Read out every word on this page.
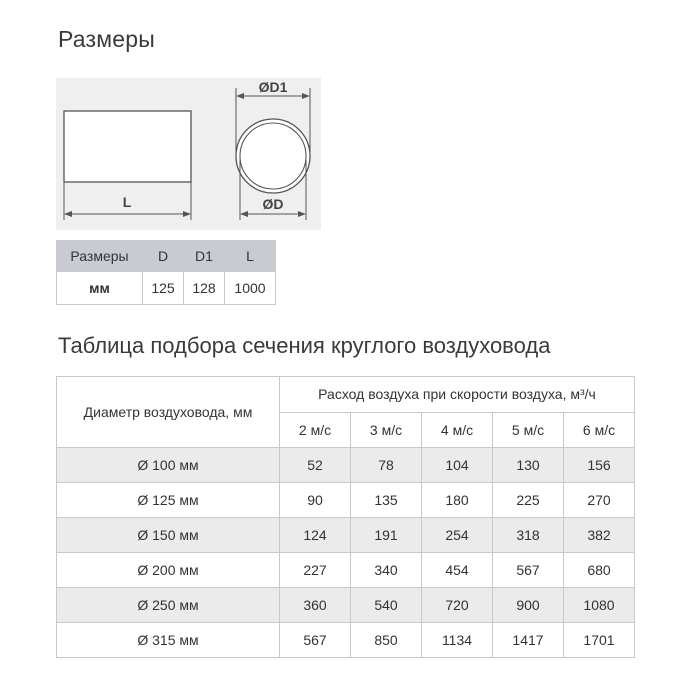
Размеры
L
ØD1
ØD
Размеры	D	D1	L
мм	125	128	1000
Таблица подбора сечения круглого воздуховода
Диаметр воздуховода, мм	Расход воздуха при скорости воздуха, м³/ч				
	2 м/с	3 м/с	4 м/с	5 м/с	6 м/с
Ø 100 мм	52	78	104	130	156
Ø 125 мм	90	135	180	225	270
Ø 150 мм	124	191	254	318	382
Ø 200 мм	227	340	454	567	680
Ø 250 мм	360	540	720	900	1080
Ø 315 мм	567	850	1134	1417	1701
